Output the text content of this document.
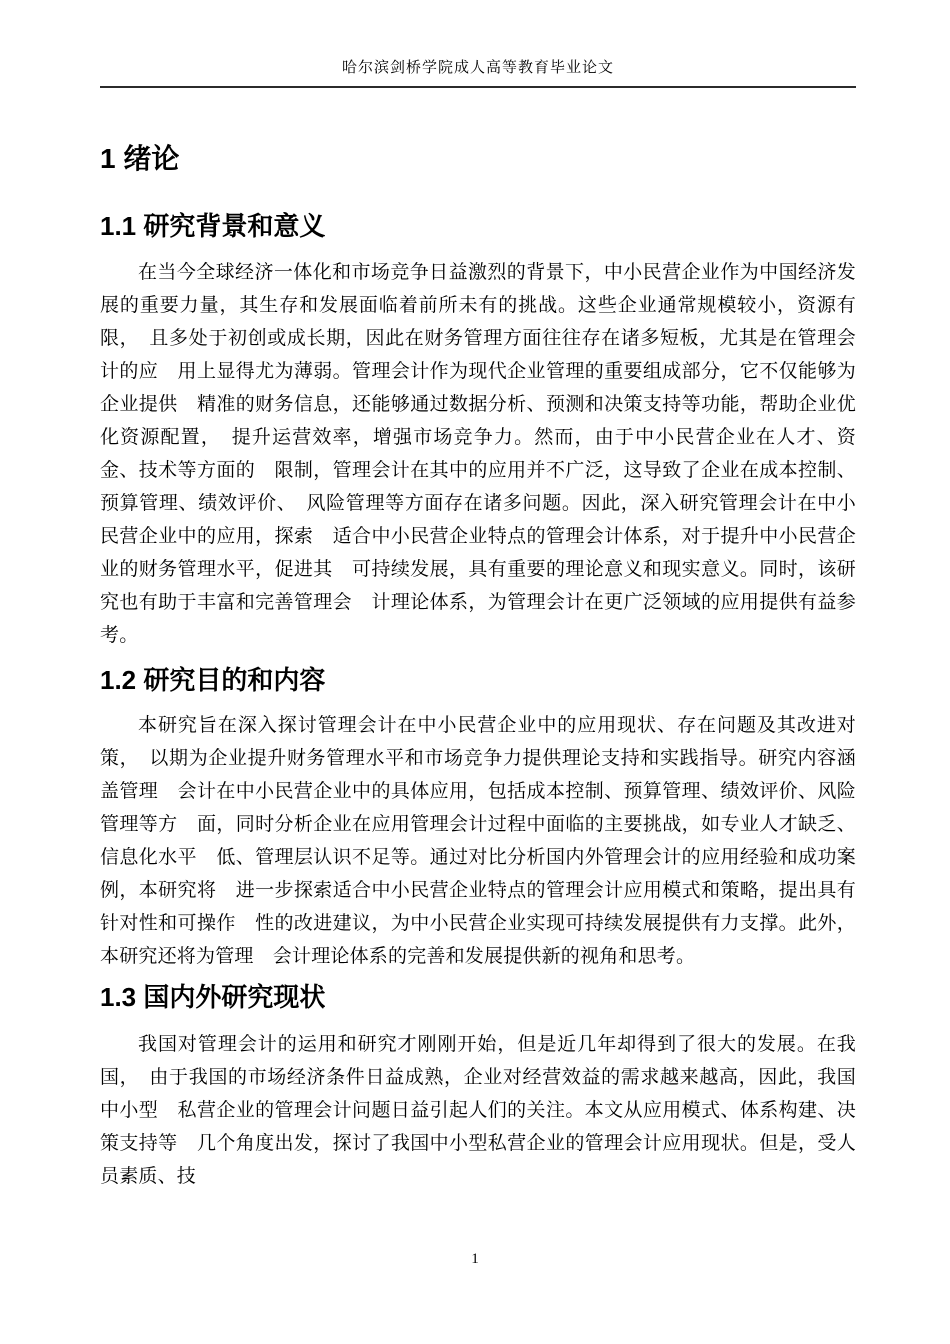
哈尔滨剑桥学院成人高等教育毕业论文
1 绪论
1.1 研究背景和意义

在当今全球经济一体化和市场竞争日益激烈的背景下，中小民营企业作为中国经济发展的重要力量，其生存和发展面临着前所未有的挑战。这些企业通常规模较小，资源有限，　且多处于初创或成长期，因此在财务管理方面往往存在诸多短板，尤其是在管理会计的应　用上显得尤为薄弱。管理会计作为现代企业管理的重要组成部分，它不仅能够为企业提供　精准的财务信息，还能够通过数据分析、预测和决策支持等功能，帮助企业优化资源配置，　提升运营效率，增强市场竞争力。然而，由于中小民营企业在人才、资金、技术等方面的　限制，管理会计在其中的应用并不广泛，这导致了企业在成本控制、预算管理、绩效评价、　风险管理等方面存在诸多问题。因此，深入研究管理会计在中小民营企业中的应用，探索　适合中小民营企业特点的管理会计体系，对于提升中小民营企业的财务管理水平，促进其　可持续发展，具有重要的理论意义和现实意义。同时，该研究也有助于丰富和完善管理会　计理论体系，为管理会计在更广泛领域的应用提供有益参考。

1.2 研究目的和内容

本研究旨在深入探讨管理会计在中小民营企业中的应用现状、存在问题及其改进对策，　以期为企业提升财务管理水平和市场竞争力提供理论支持和实践指导。研究内容涵盖管理　会计在中小民营企业中的具体应用，包括成本控制、预算管理、绩效评价、风险管理等方　面，同时分析企业在应用管理会计过程中面临的主要挑战，如专业人才缺乏、信息化水平　低、管理层认识不足等。通过对比分析国内外管理会计的应用经验和成功案例，本研究将　进一步探索适合中小民营企业特点的管理会计应用模式和策略，提出具有针对性和可操作　性的改进建议，为中小民营企业实现可持续发展提供有力支撑。此外，本研究还将为管理　会计理论体系的完善和发展提供新的视角和思考。

1.3 国内外研究现状

我国对管理会计的运用和研究才刚刚开始，但是近几年却得到了很大的发展。在我国，　由于我国的市场经济条件日益成熟，企业对经营效益的需求越来越高，因此，我国中小型　私营企业的管理会计问题日益引起人们的关注。本文从应用模式、体系构建、决策支持等　几个角度出发，探讨了我国中小型私营企业的管理会计应用现状。但是，受人员素质、技

1
